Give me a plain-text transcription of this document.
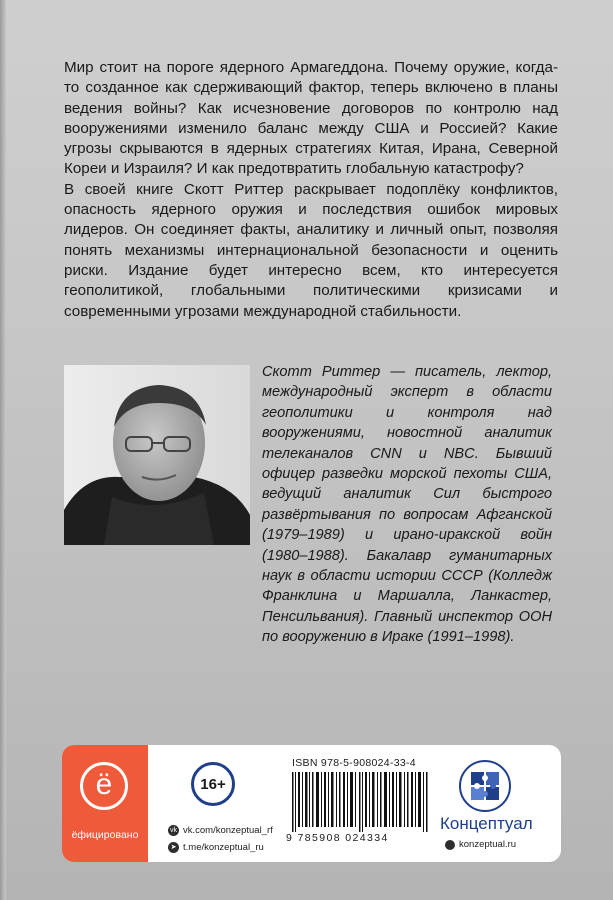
Мир стоит на пороге ядерного Армагеддона. Почему оружие, когда-то созданное как сдерживающий фактор, теперь включено в планы ведения войны? Как исчезновение договоров по контролю над вооружениями изменило баланс между США и Россией? Какие угрозы скрываются в ядерных стратегиях Китая, Ирана, Северной Кореи и Израиля? И как предотвратить глобальную катастрофу?

В своей книге Скотт Риттер раскрывает подоплёку конфликтов, опасность ядерного оружия и последствия ошибок мировых лидеров. Он соединяет факты, аналитику и личный опыт, позволяя понять механизмы интернациональной безопасности и оценить риски. Издание будет интересно всем, кто интересуется геополитикой, глобальными политическими кризисами и современными угрозами международной стабильности.

Скотт Риттер — писатель, лектор, международный эксперт в области геополитики и контроля над вооружениями, новостной аналитик телеканалов CNN и NBC. Бывший офицер разведки морской пехоты США, ведущий аналитик Сил быстрого развёртывания по вопросам Афганской (1979–1989) и ирано-иракской войн (1980–1988). Бакалавр гуманитарных наук в области истории СССР (Колледж Франклина и Маршалла, Ланкастер, Пенсильвания). Главный инспектор ООН по вооружению в Ираке (1991–1998).

ё
ёфицировано
16+
vk vk.com/konzeptual_rf
➤ t.me/konzeptual_ru
ISBN 978-5-908024-33-4
9 785908 024334
Концептуал
konzeptual.ru
